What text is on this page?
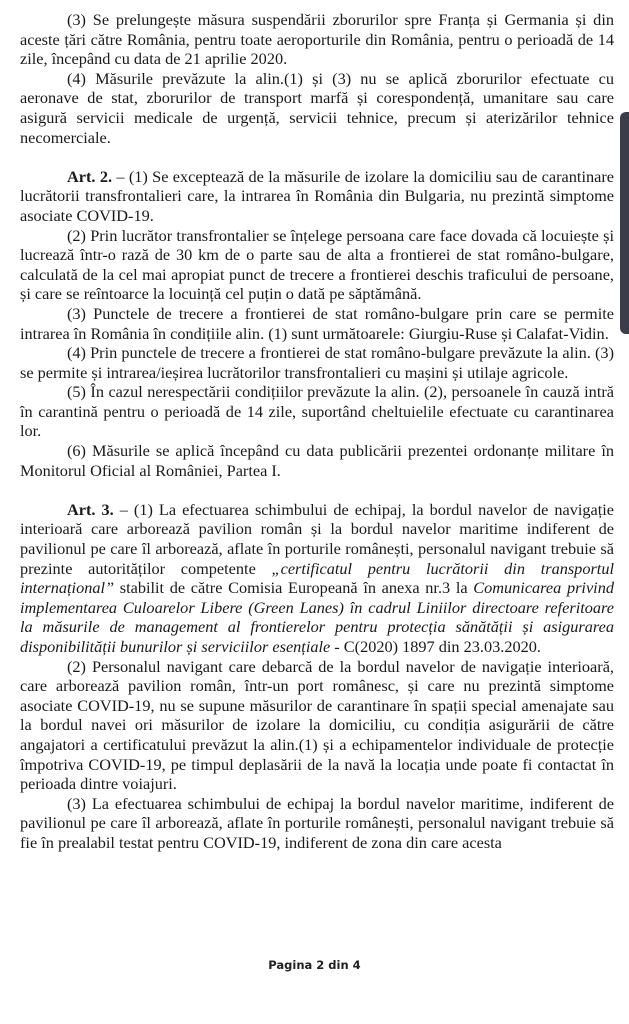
(3) Se prelungește măsura suspendării zborurilor spre Franța și Germania și din aceste țări către România, pentru toate aeroporturile din România, pentru o perioadă de 14 zile, începând cu data de 21 aprilie 2020.

(4) Măsurile prevăzute la alin.(1) și (3) nu se aplică zborurilor efectuate cu aeronave de stat, zborurilor de transport marfă și corespondență, umanitare sau care asigură servicii medicale de urgență, servicii tehnice, precum și aterizărilor tehnice necomerciale.

Art. 2. – (1) Se exceptează de la măsurile de izolare la domiciliu sau de carantinare lucrătorii transfrontalieri care, la intrarea în România din Bulgaria, nu prezintă simptome asociate COVID-19.

(2) Prin lucrător transfrontalier se înțelege persoana care face dovada că locuiește și lucrează într-o rază de 30 km de o parte sau de alta a frontierei de stat româno-bulgare, calculată de la cel mai apropiat punct de trecere a frontierei deschis traficului de persoane, și care se reîntoarce la locuință cel puțin o dată pe săptămână.

(3) Punctele de trecere a frontierei de stat româno-bulgare prin care se permite intrarea în România în condițiile alin. (1) sunt următoarele: Giurgiu-Ruse și Calafat-Vidin.

(4) Prin punctele de trecere a frontierei de stat româno-bulgare prevăzute la alin. (3) se permite și intrarea/ieșirea lucrătorilor transfrontalieri cu mașini și utilaje agricole.

(5) În cazul nerespectării condițiilor prevăzute la alin. (2), persoanele în cauză intră în carantină pentru o perioadă de 14 zile, suportând cheltuielile efectuate cu carantinarea lor.

(6) Măsurile se aplică începând cu data publicării prezentei ordonanțe militare în Monitorul Oficial al României, Partea I.

Art. 3. – (1) La efectuarea schimbului de echipaj, la bordul navelor de navigație interioară care arborează pavilion român și la bordul navelor maritime indiferent de pavilionul pe care îl arborează, aflate în porturile românești, personalul navigant trebuie să prezinte autorităților competente „certificatul pentru lucrătorii din transportul internațional” stabilit de către Comisia Europeană în anexa nr.3 la Comunicarea privind implementarea Culoarelor Libere (Green Lanes) în cadrul Liniilor directoare referitoare la măsurile de management al frontierelor pentru protecția sănătății și asigurarea disponibilității bunurilor și serviciilor esențiale - C(2020) 1897 din 23.03.2020.

(2) Personalul navigant care debarcă de la bordul navelor de navigație interioară, care arborează pavilion român, într-un port românesc, și care nu prezintă simptome asociate COVID-19, nu se supune măsurilor de carantinare în spații special amenajate sau la bordul navei ori măsurilor de izolare la domiciliu, cu condiția asigurării de către angajatori a certificatului prevăzut la alin.(1) și a echipamentelor individuale de protecție împotriva COVID-19, pe timpul deplasării de la navă la locația unde poate fi contactat în perioada dintre voiajuri.

(3) La efectuarea schimbului de echipaj la bordul navelor maritime, indiferent de pavilionul pe care îl arborează, aflate în porturile românești, personalul navigant trebuie să fie în prealabil testat pentru COVID-19, indiferent de zona din care acesta

Pagina 2 din 4
